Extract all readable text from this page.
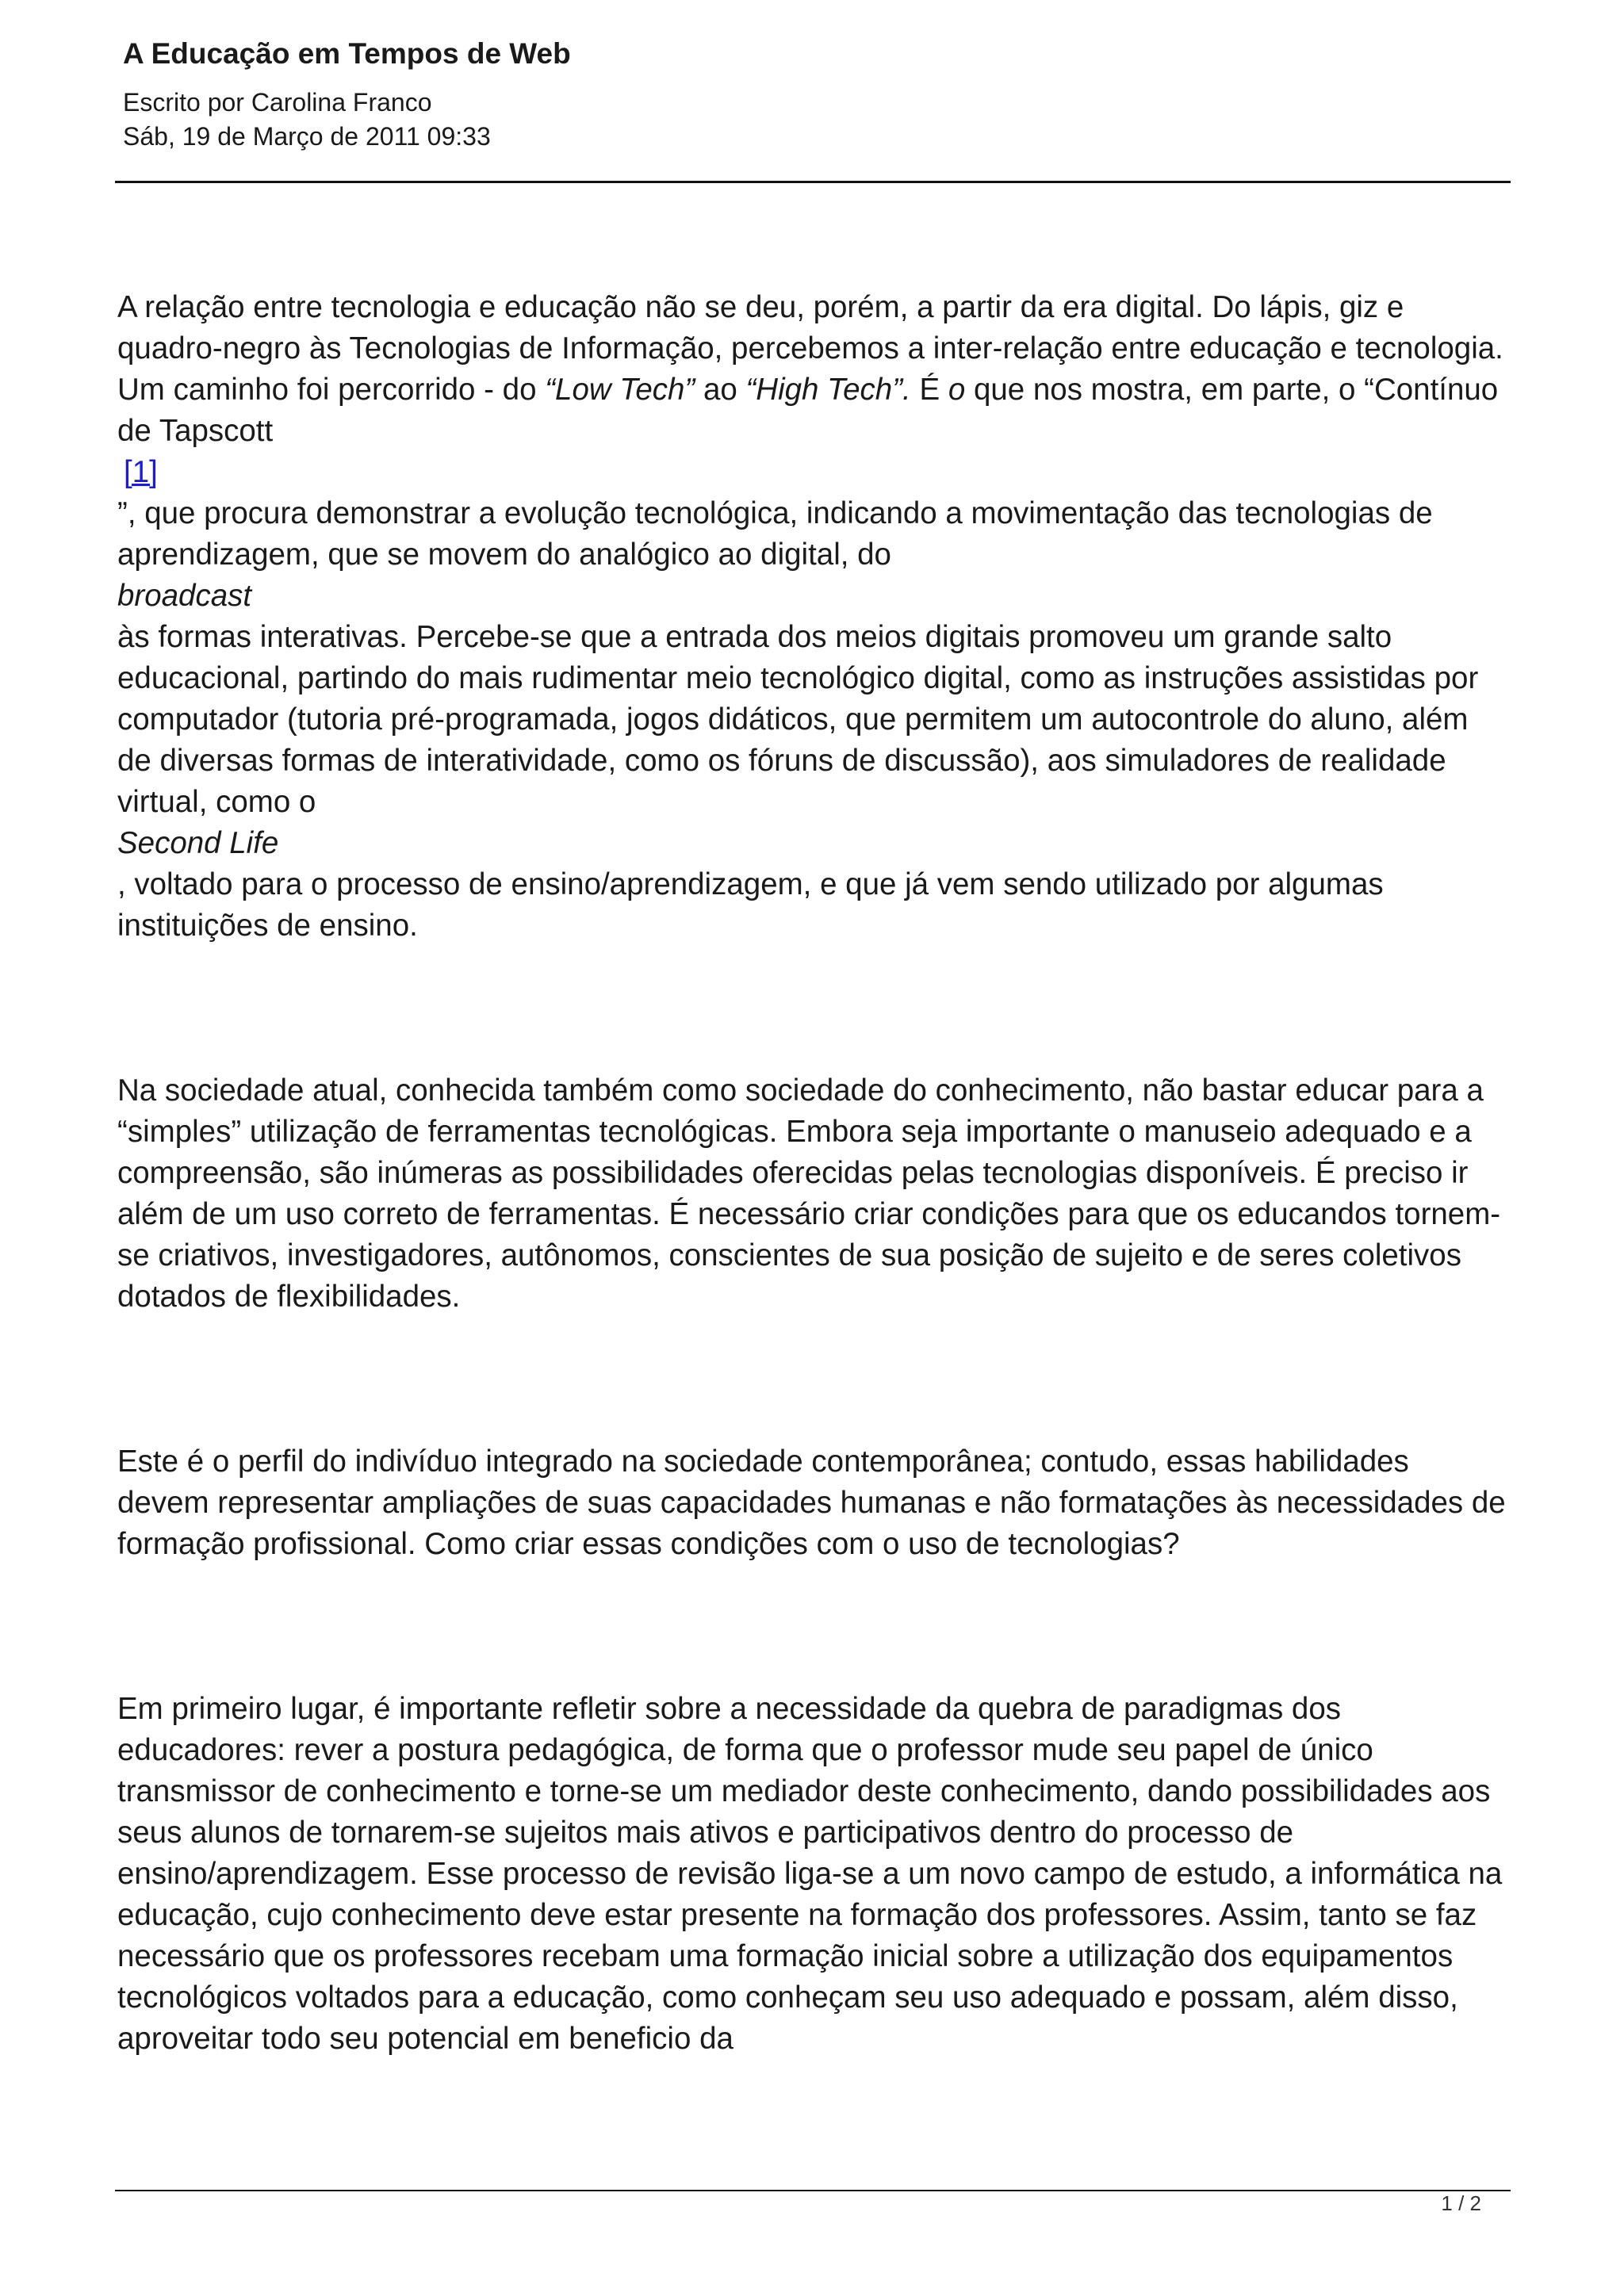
A Educação em Tempos de Web
Escrito por Carolina Franco
Sáb, 19 de Março de 2011 09:33
A relação entre tecnologia e educação não se deu, porém, a partir da era digital. Do lápis, giz e quadro-negro às Tecnologias de Informação, percebemos a inter-relação entre educação e tecnologia. Um caminho foi percorrido - do “Low Tech” ao “High Tech”. É o que nos mostra, em parte, o “Contínuo de Tapscott
[1]
”, que procura demonstrar a evolução tecnológica, indicando a movimentação das tecnologias de aprendizagem, que se movem do analógico ao digital, do
broadcast
às formas interativas. Percebe-se que a entrada dos meios digitais promoveu um grande salto educacional, partindo do mais rudimentar meio tecnológico digital, como as instruções assistidas por computador (tutoria pré-programada, jogos didáticos, que permitem um autocontrole do aluno, além de diversas formas de interatividade, como os fóruns de discussão), aos simuladores de realidade virtual, como o
Second Life
, voltado para o processo de ensino/aprendizagem, e que já vem sendo utilizado por algumas instituições de ensino.
Na sociedade atual, conhecida também como sociedade do conhecimento, não bastar educar para a “simples” utilização de ferramentas tecnológicas. Embora seja importante o manuseio adequado e a compreensão, são inúmeras as possibilidades oferecidas pelas tecnologias disponíveis. É preciso ir além de um uso correto de ferramentas. É necessário criar condições para que os educandos tornem-se criativos, investigadores, autônomos, conscientes de sua posição de sujeito e de seres coletivos dotados de flexibilidades.
Este é o perfil do indivíduo integrado na sociedade contemporânea; contudo, essas habilidades devem representar ampliações de suas capacidades humanas e não formatações às necessidades de formação profissional. Como criar essas condições com o uso de tecnologias?
Em primeiro lugar, é importante refletir sobre a necessidade da quebra de paradigmas dos educadores: rever a postura pedagógica, de forma que o professor mude seu papel de único transmissor de conhecimento e torne-se um mediador deste conhecimento, dando possibilidades aos seus alunos de tornarem-se sujeitos mais ativos e participativos dentro do processo de ensino/aprendizagem. Esse processo de revisão liga-se a um novo campo de estudo, a informática na educação, cujo conhecimento deve estar presente na formação dos professores. Assim, tanto se faz necessário que os professores recebam uma formação inicial sobre a utilização dos equipamentos tecnológicos voltados para a educação, como conheçam seu uso adequado e possam, além disso, aproveitar todo seu potencial em beneficio da
1 / 2
